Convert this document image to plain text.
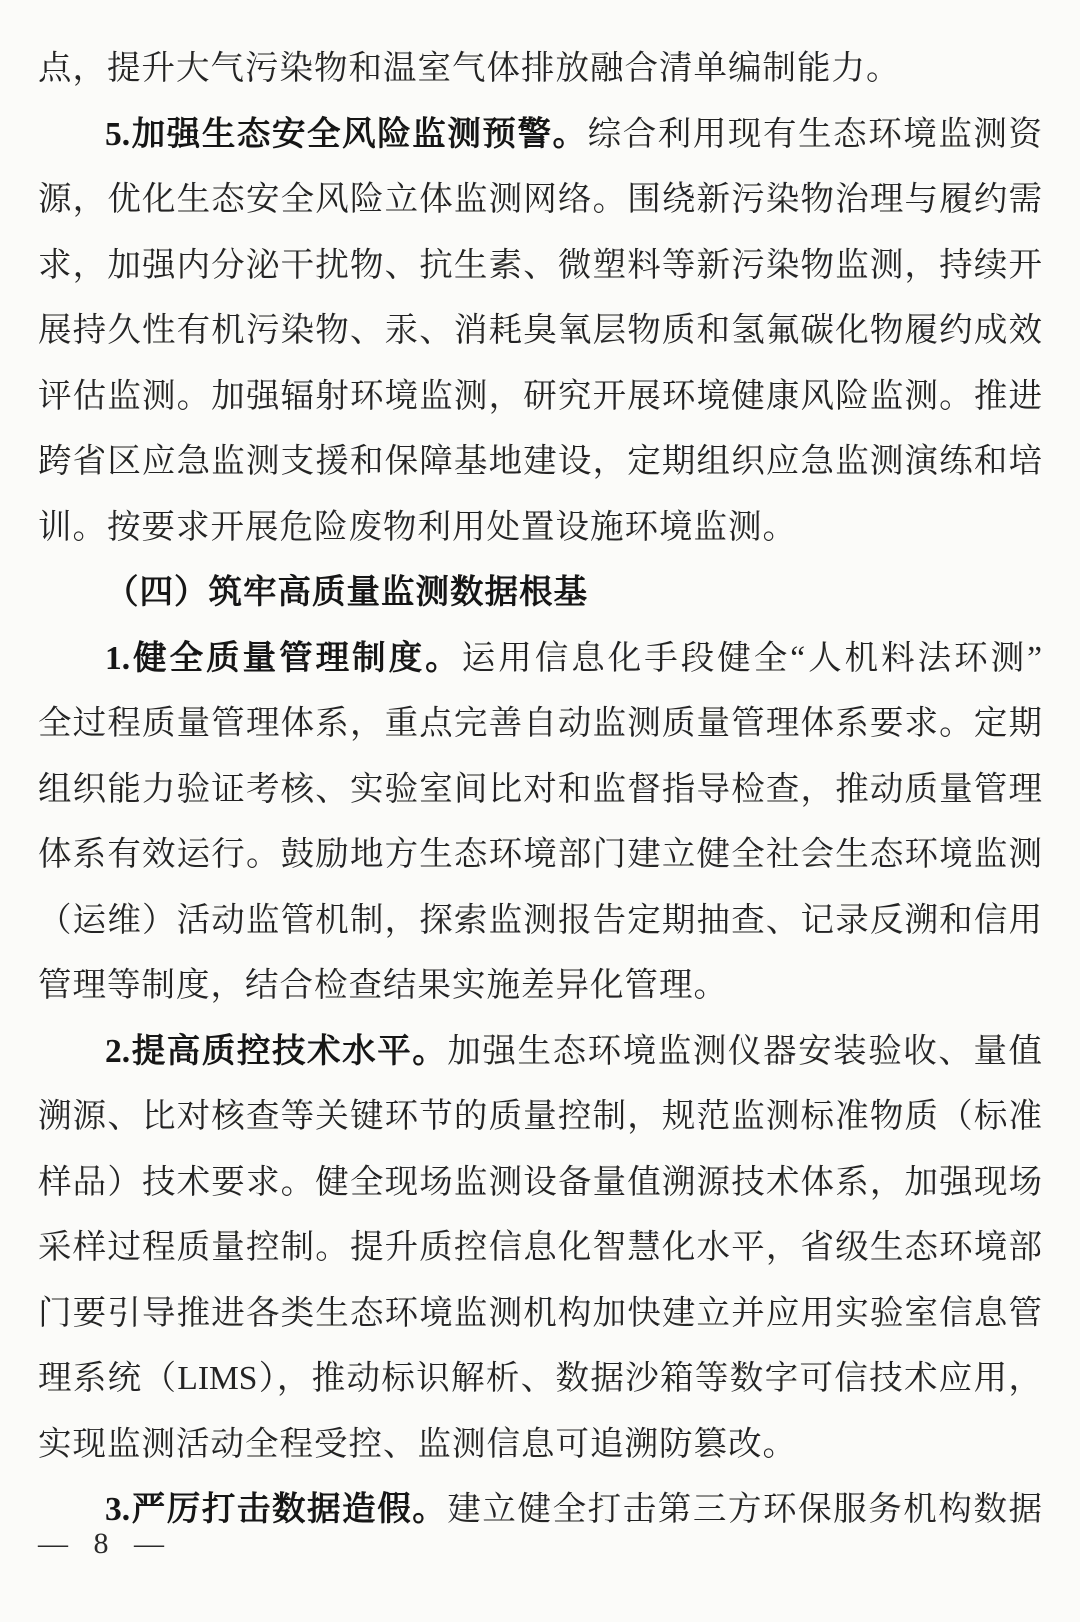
点，提升大气污染物和温室气体排放融合清单编制能力。
5.加强生态安全风险监测预警。综合利用现有生态环境监测资
源，优化生态安全风险立体监测网络。围绕新污染物治理与履约需
求，加强内分泌干扰物、抗生素、微塑料等新污染物监测，持续开
展持久性有机污染物、汞、消耗臭氧层物质和氢氟碳化物履约成效
评估监测。加强辐射环境监测，研究开展环境健康风险监测。推进
跨省区应急监测支援和保障基地建设，定期组织应急监测演练和培
训。按要求开展危险废物利用处置设施环境监测。
（四）筑牢高质量监测数据根基
1.健全质量管理制度。运用信息化手段健全“人机料法环测”
全过程质量管理体系，重点完善自动监测质量管理体系要求。定期
组织能力验证考核、实验室间比对和监督指导检查，推动质量管理
体系有效运行。鼓励地方生态环境部门建立健全社会生态环境监测
（运维）活动监管机制，探索监测报告定期抽查、记录反溯和信用
管理等制度，结合检查结果实施差异化管理。
2.提高质控技术水平。加强生态环境监测仪器安装验收、量值
溯源、比对核查等关键环节的质量控制，规范监测标准物质（标准
样品）技术要求。健全现场监测设备量值溯源技术体系，加强现场
采样过程质量控制。提升质控信息化智慧化水平，省级生态环境部
门要引导推进各类生态环境监测机构加快建立并应用实验室信息管
理系统（LIMS），推动标识解析、数据沙箱等数字可信技术应用，
实现监测活动全程受控、监测信息可追溯防篡改。
3.严厉打击数据造假。建立健全打击第三方环保服务机构数据
— 8 —
